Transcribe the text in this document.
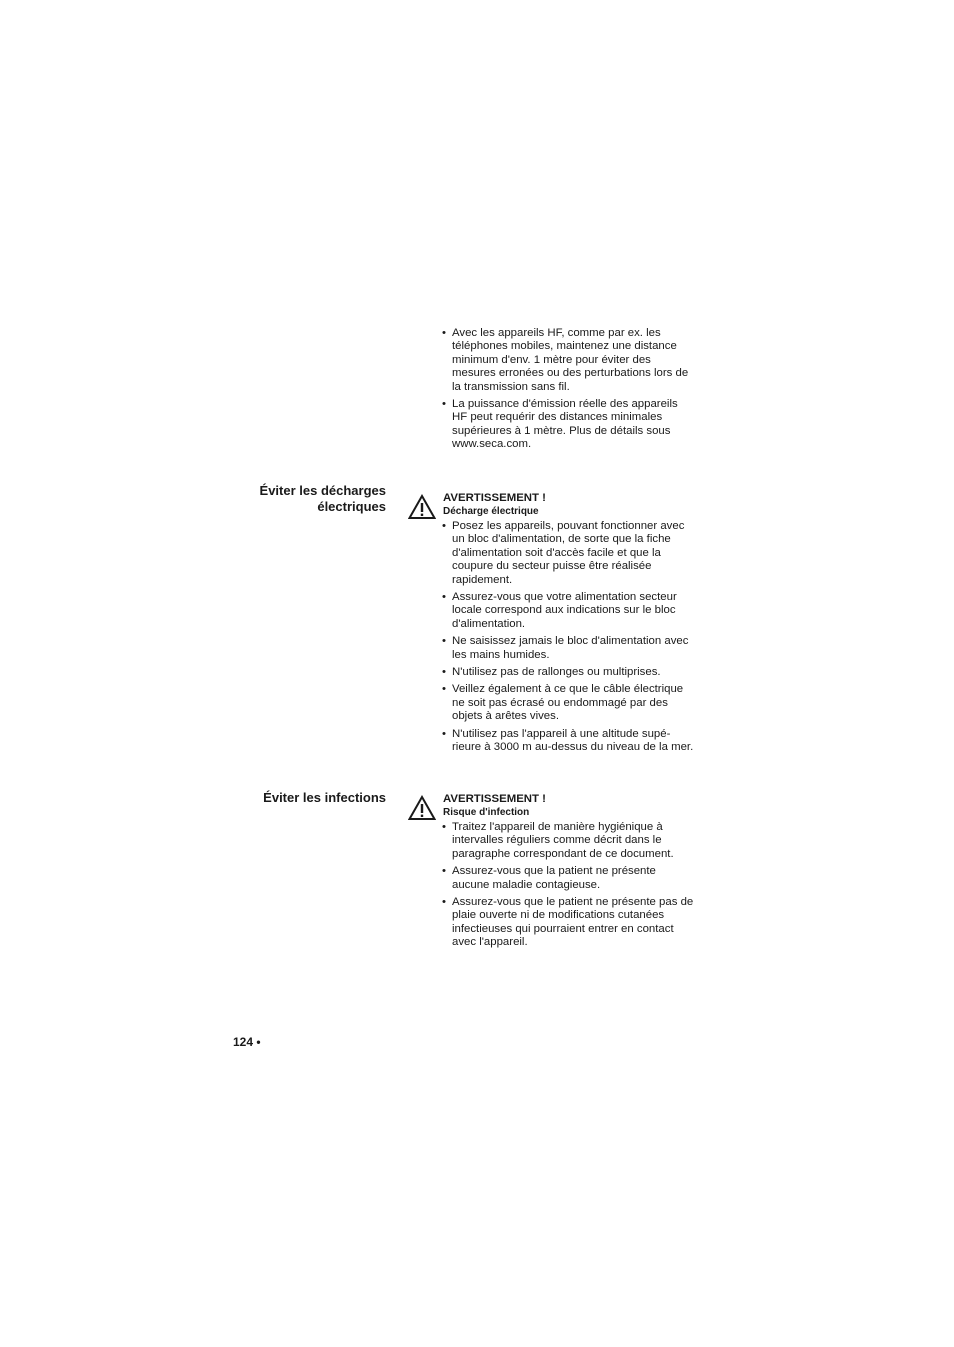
• Avec les appareils HF, comme par ex. les téléphones mobiles, maintenez une distance minimum d'env. 1 mètre pour éviter des mesures erronées ou des perturbations lors de la transmission sans fil.
• La puissance d'émission réelle des appareils HF peut requérir des distances minimales supérieures à 1 mètre. Plus de détails sous www.seca.com.
Éviter les décharges
électriques

AVERTISSEMENT !

Décharge électrique

• Posez les appareils, pouvant fonctionner avec un bloc d'alimentation, de sorte que la fiche d'alimentation soit d'accès facile et que la coupure du secteur puisse être réalisée rapidement.
• Assurez-vous que votre alimentation secteur locale correspond aux indications sur le bloc d'alimentation.
• Ne saisissez jamais le bloc d'alimentation avec les mains humides.
• N'utilisez pas de rallonges ou multiprises.
• Veillez également à ce que le câble électrique ne soit pas écrasé ou endommagé par des objets à arêtes vives.
• N'utilisez pas l'appareil à une altitude supé-rieure à 3000 m au-dessus du niveau de la mer.
Éviter les infections	AVERTISSEMENT !

Risque d'infection

• Traitez l'appareil de manière hygiénique à intervalles réguliers comme décrit dans le paragraphe correspondant de ce document.
• Assurez-vous que la patient ne présente aucune maladie contagieuse.
• Assurez-vous que le patient ne présente pas de plaie ouverte ni de modifications cutanées infectieuses qui pourraient entrer en contact avec l'appareil.

124 •
